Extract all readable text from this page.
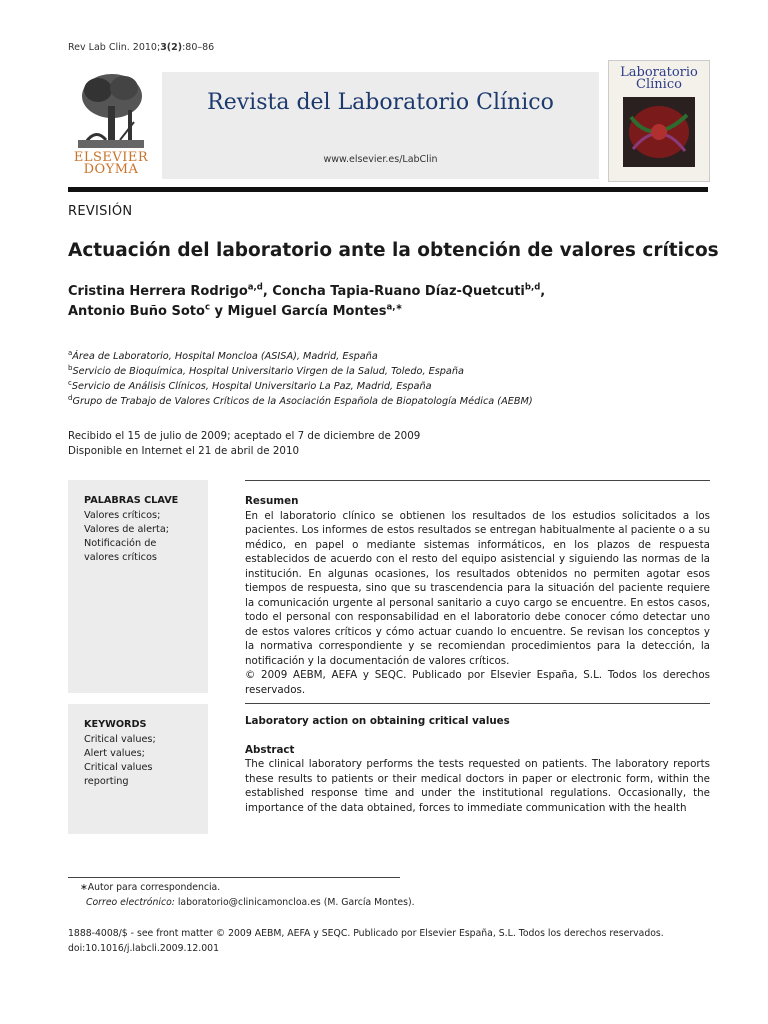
Rev Lab Clin. 2010;3(2):80–86
ELSEVIER
DOYMA
Revista del Laboratorio Clínico
www.elsevier.es/LabClin
Laboratorio
Clínico
REVISIÓN
Actuación del laboratorio ante la obtención de valores críticos
Cristina Herrera Rodrigo$^{a,d}$, Concha Tapia-Ruano Díaz-Quetcuti$^{b,d}$,
Antonio Buño Soto$^c$ y Miguel García Montes$^{a,∗}$
$^a$Área de Laboratorio, Hospital Moncloa (ASISA), Madrid, España
$^b$Servicio de Bioquímica, Hospital Universitario Virgen de la Salud, Toledo, España
$^c$Servicio de Análisis Clínicos, Hospital Universitario La Paz, Madrid, España
$^d$Grupo de Trabajo de Valores Críticos de la Asociación Española de Biopatología Médica (AEBM)
Recibido el 15 de julio de 2009; aceptado el 7 de diciembre de 2009
Disponible en Internet el 21 de abril de 2010
PALABRAS CLAVE
Valores críticos;
Valores de alerta;
Notificación de
valores críticos
Resumen
En el laboratorio clínico se obtienen los resultados de los estudios solicitados a los pacientes. Los informes de estos resultados se entregan habitualmente al paciente o a su médico, en papel o mediante sistemas informáticos, en los plazos de respuesta establecidos de acuerdo con el resto del equipo asistencial y siguiendo las normas de la institución. En algunas ocasiones, los resultados obtenidos no permiten agotar esos tiempos de respuesta, sino que su trascendencia para la situación del paciente requiere la comunicación urgente al personal sanitario a cuyo cargo se encuentre. En estos casos, todo el personal con responsabilidad en el laboratorio debe conocer cómo detectar uno de estos valores críticos y cómo actuar cuando lo encuentre. Se revisan los conceptos y la normativa correspondiente y se recomiendan procedimientos para la detección, la notificación y la documentación de valores críticos.
© 2009 AEBM, AEFA y SEQC. Publicado por Elsevier España, S.L. Todos los derechos reservados.
KEYWORDS
Critical values;
Alert values;
Critical values
reporting
Laboratory action on obtaining critical values
Abstract
The clinical laboratory performs the tests requested on patients. The laboratory reports these results to patients or their medical doctors in paper or electronic form, within the established response time and under the institutional regulations. Occasionally, the importance of the data obtained, forces to immediate communication with the health
∗Autor para correspondencia.
Correo electrónico: laboratorio@clinicamoncloa.es (M. García Montes).
1888-4008/$ - see front matter © 2009 AEBM, AEFA y SEQC. Publicado por Elsevier España, S.L. Todos los derechos reservados.
doi:10.1016/j.labcli.2009.12.001
